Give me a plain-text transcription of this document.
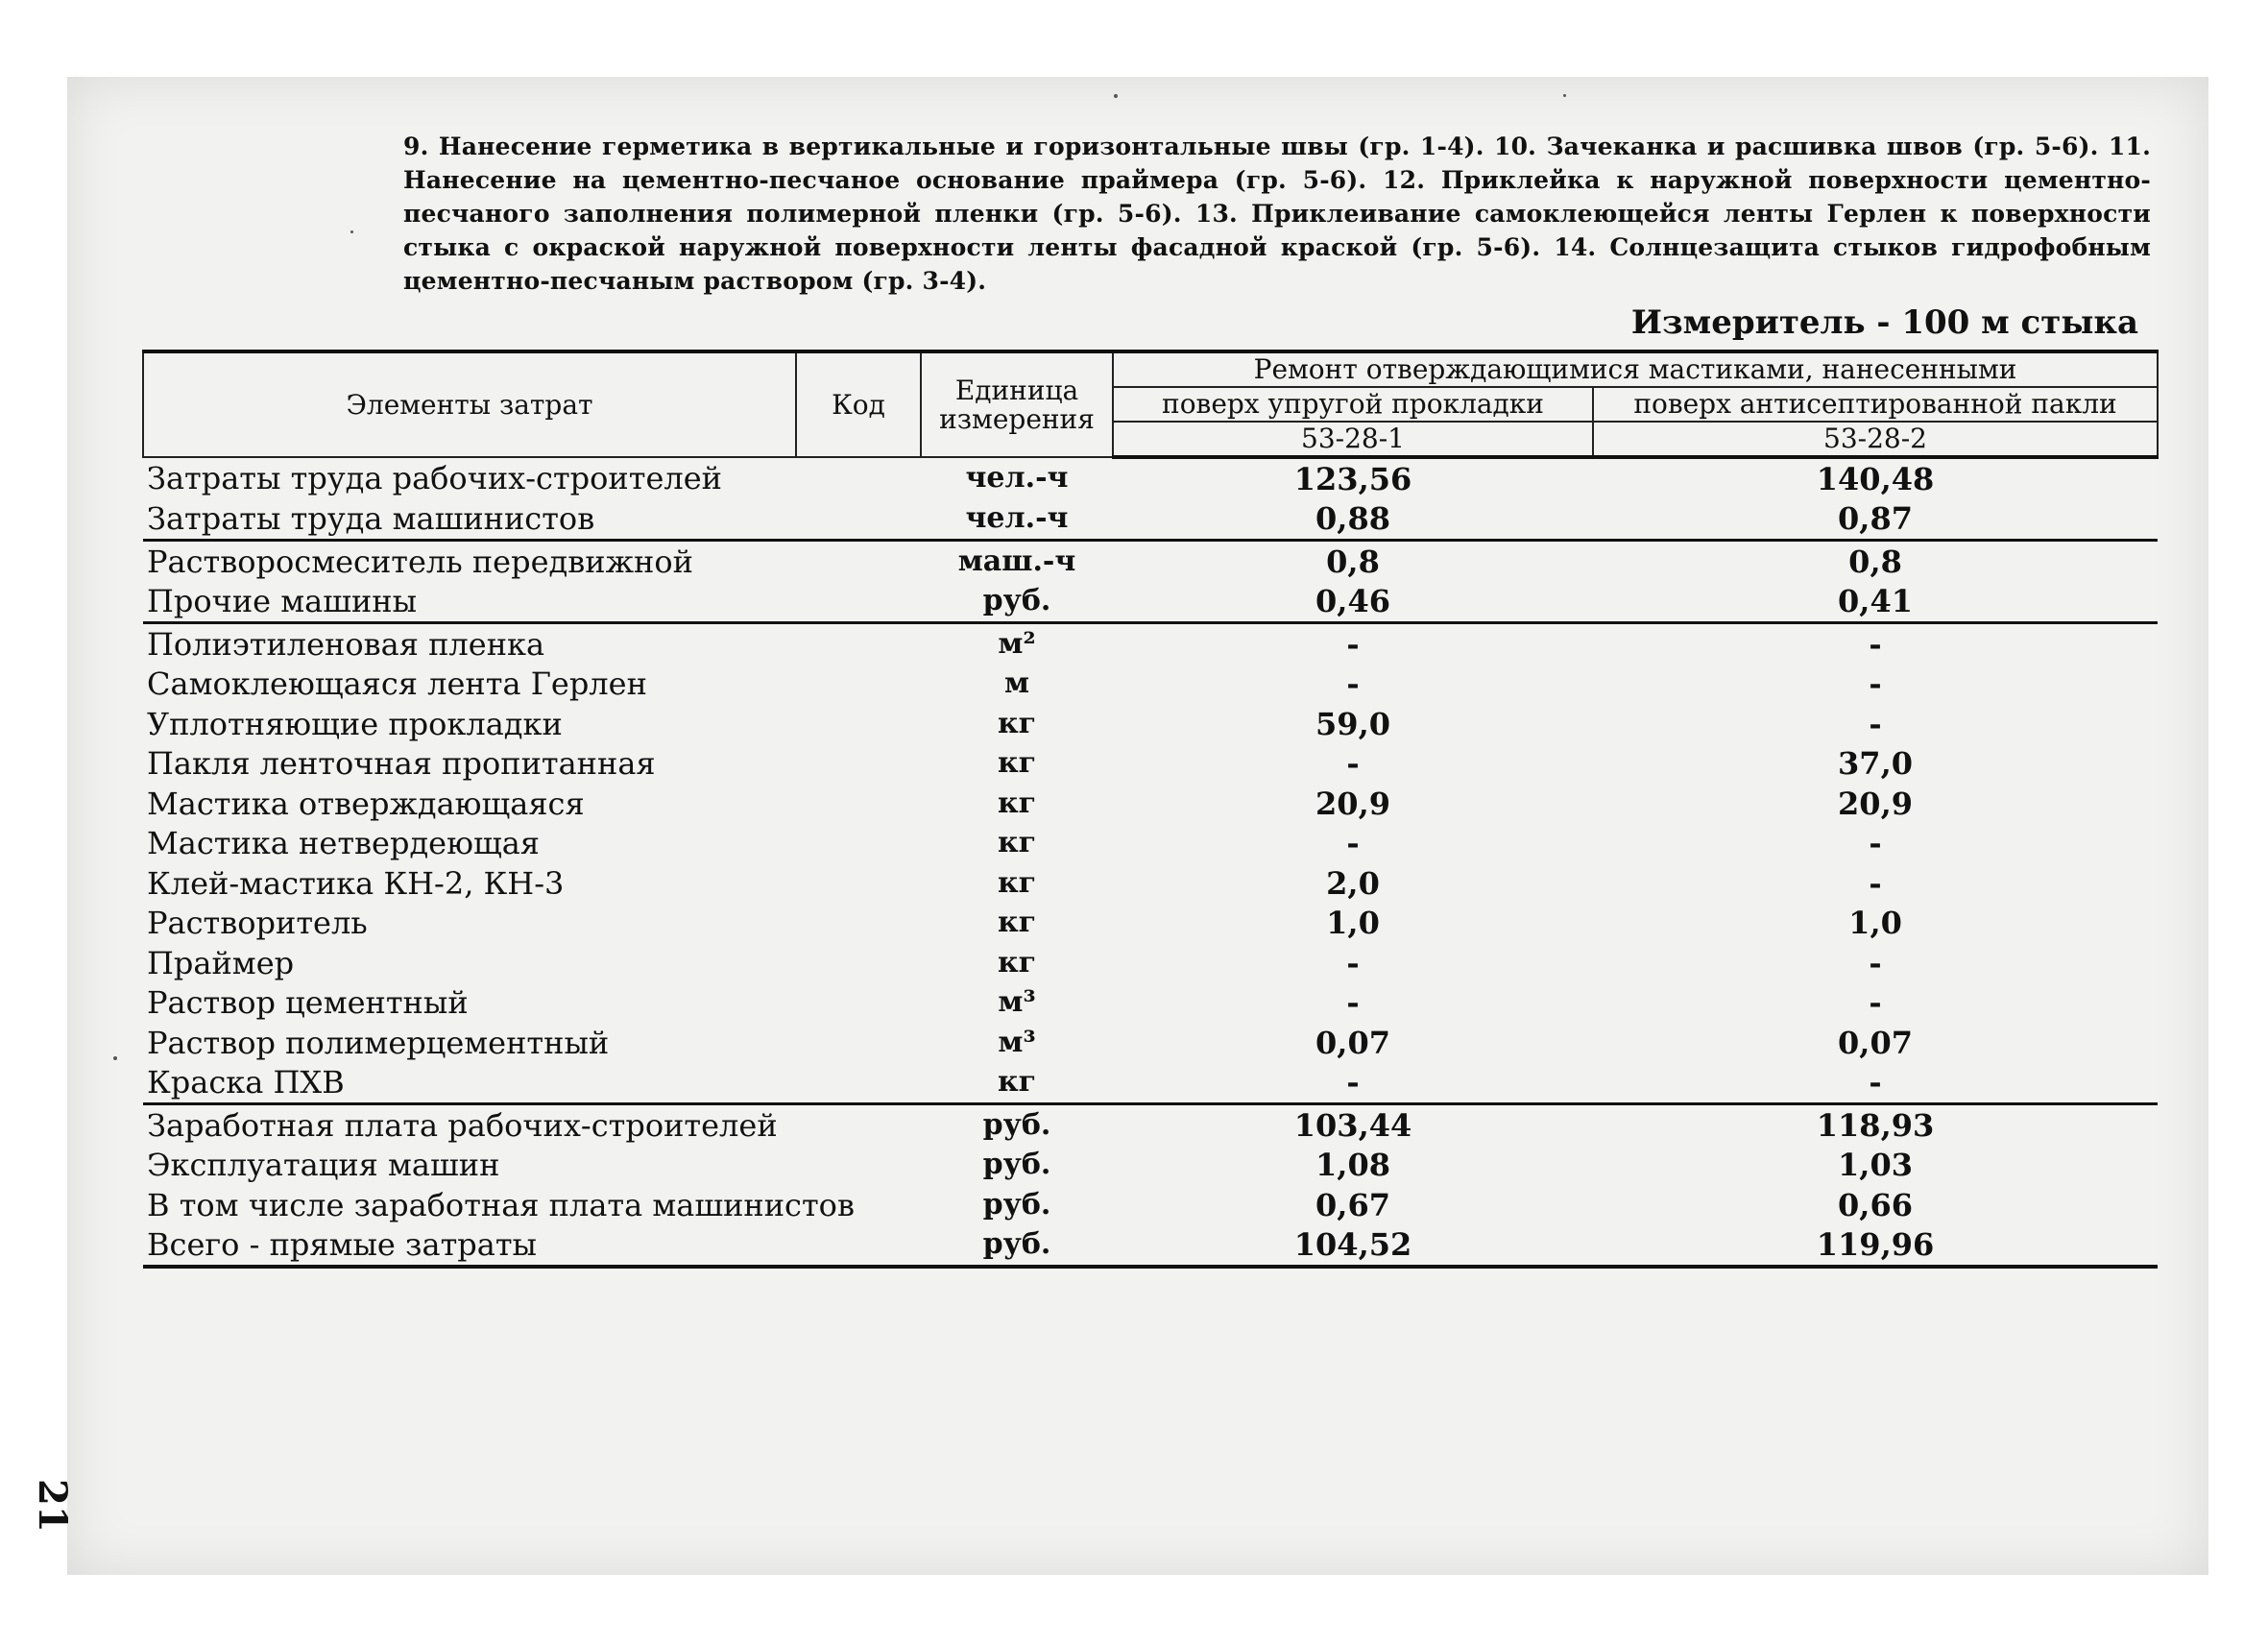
9. Нанесение герметика в вертикальные и горизонтальные швы (гр. 1-4). 10. Зачеканка и расшивка швов (гр. 5-6). 11. Нанесение на цементно-песчаное основание праймера (гр. 5-6). 12. Приклейка к наружной поверхности цементно-песчаного заполнения полимерной пленки (гр. 5-6). 13. Приклеивание самоклеющейся ленты Герлен к поверхности стыка с окраской наружной поверхности ленты фасадной краской (гр. 5-6). 14. Солнцезащита стыков гидрофобным цементно-песчаным раствором (гр. 3-4).
Измеритель - 100 м стыка
Элементы затрат	Код	Единица измерения	Ремонт отверждающимися мастиками, нанесенными	
			поверх упругой прокладки	поверх антисептированной пакли
			53-28-1	53-28-2
Затраты труда рабочих-строителей		чел.-ч	123,56	140,48
Затраты труда машинистов		чел.-ч	0,88	0,87
Растворосмеситель передвижной		маш.-ч	0,8	0,8
Прочие машины		руб.	0,46	0,41
Полиэтиленовая пленка		м²	-	-
Самоклеющаяся лента Герлен		м	-	-
Уплотняющие прокладки		кг	59,0	-
Пакля ленточная пропитанная		кг	-	37,0
Мастика отверждающаяся		кг	20,9	20,9
Мастика нетвердеющая		кг	-	-
Клей-мастика КН-2, КН-3		кг	2,0	-
Растворитель		кг	1,0	1,0
Праймер		кг	-	-
Раствор цементный		м³	-	-
Раствор полимерцементный		м³	0,07	0,07
Краска ПХВ		кг	-	-
Заработная плата рабочих-строителей		руб.	103,44	118,93
Эксплуатация машин		руб.	1,08	1,03
В том числе заработная плата машинистов		руб.	0,67	0,66
Всего - прямые затраты		руб.	104,52	119,96
21
